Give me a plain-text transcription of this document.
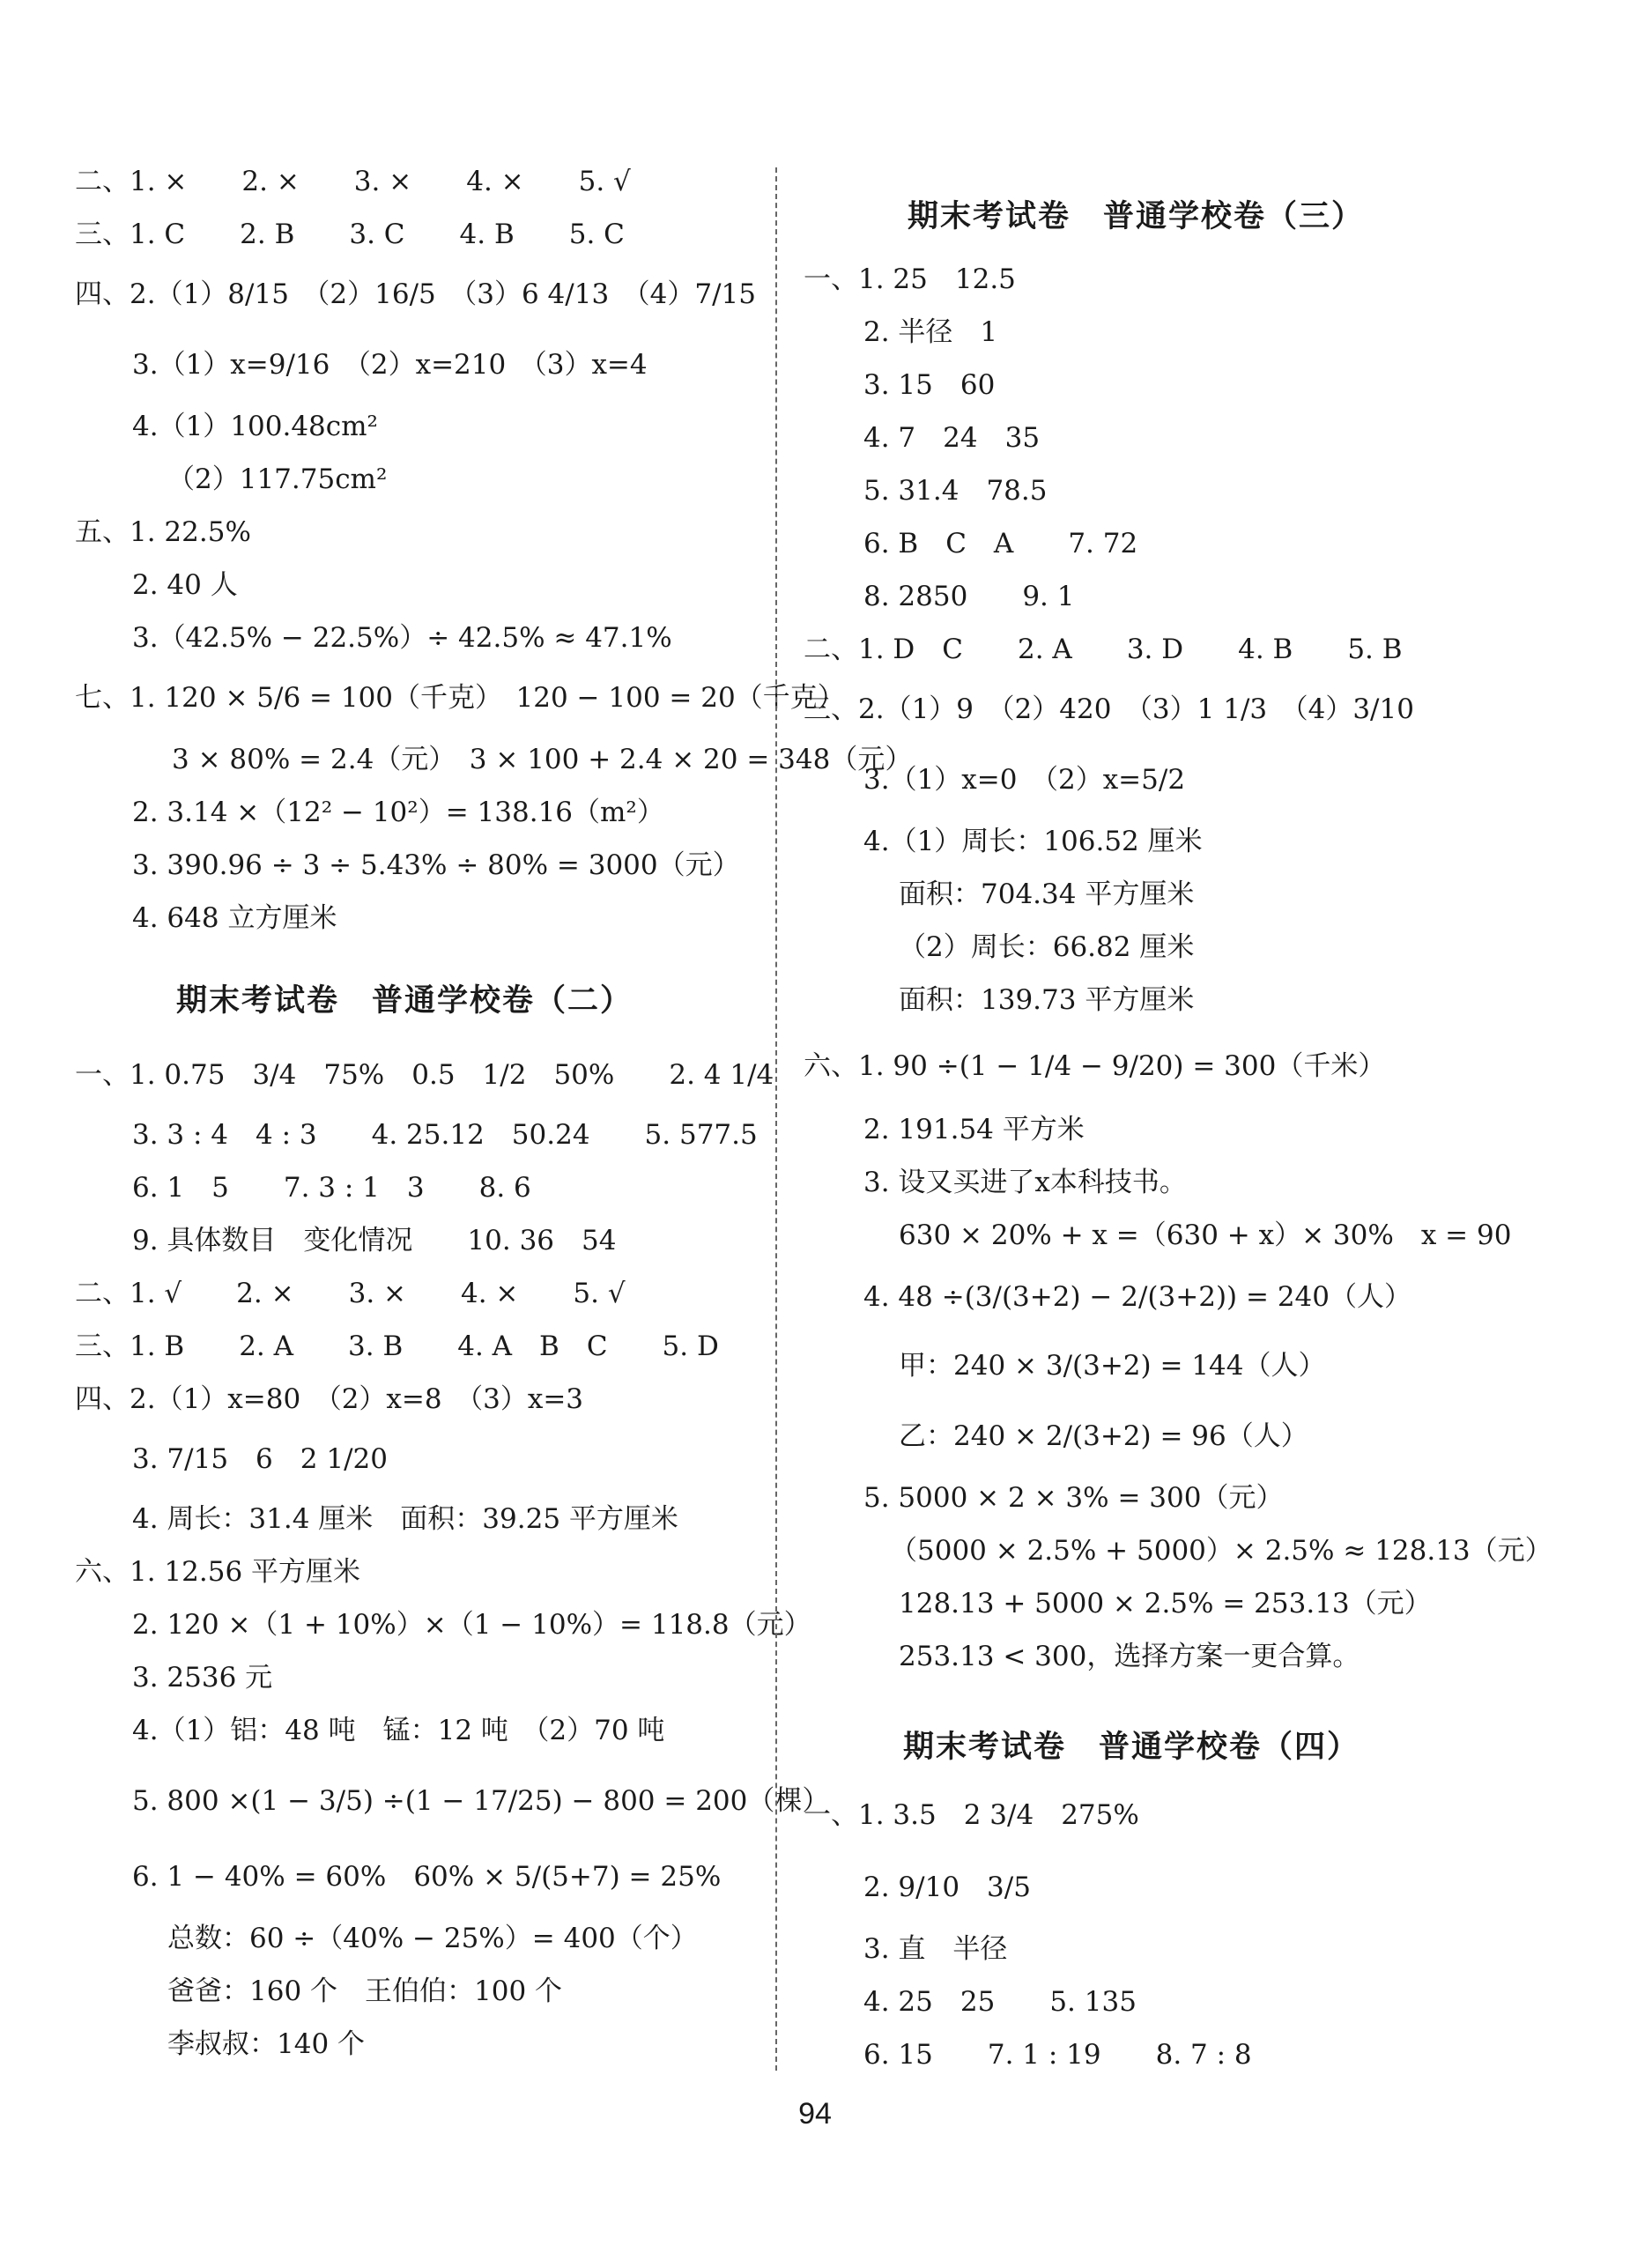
二、1. ×　　2. ×　　3. ×　　4. ×　　5. √
三、1. C　　2. B　　3. C　　4. B　　5. C
四、2.（1）8/15　（2）16/5　（3）6 4/13　（4）7/15
3.（1）x=9/16　（2）x=210　（3）x=4
4.（1）100.48cm²
（2）117.75cm²
五、1. 22.5%
2. 40 人
3.（42.5% − 22.5%）÷ 42.5% ≈ 47.1%
七、1. 120 × 5/6 = 100（千克）　120 − 100 = 20（千克）
3 × 80% = 2.4（元）　3 × 100 + 2.4 × 20 = 348（元）
2. 3.14 ×（12² − 10²）= 138.16（m²）
3. 390.96 ÷ 3 ÷ 5.43% ÷ 80% = 3000（元）
4. 648 立方厘米
期末考试卷　普通学校卷（二）
一、1. 0.75　3/4　75%　0.5　1/2　50%　　2. 4 1/4
3. 3 : 4　4 : 3　　4. 25.12　50.24　　5. 577.5
6. 1　5　　7. 3 : 1　3　　8. 6
9. 具体数目　变化情况　　10. 36　54
二、1. √　　2. ×　　3. ×　　4. ×　　5. √
三、1. B　　2. A　　3. B　　4. A　B　C　　5. D
四、2.（1）x=80　（2）x=8　（3）x=3
3. 7/15　6　2 1/20
4. 周长：31.4 厘米　面积：39.25 平方厘米
六、1. 12.56 平方厘米
2. 120 ×（1 + 10%）×（1 − 10%）= 118.8（元）
3. 2536 元
4.（1）铝：48 吨　锰：12 吨　（2）70 吨
5. 800 ×(1 − 3/5) ÷(1 − 17/25) − 800 = 200（棵）
6. 1 − 40% = 60%　60% × 5/(5+7) = 25%
总数：60 ÷（40% − 25%）= 400（个）
爸爸：160 个　王伯伯：100 个
李叔叔：140 个
期末考试卷　普通学校卷（三）
一、1. 25　12.5
2. 半径　1
3. 15　60
4. 7　24　35
5. 31.4　78.5
6. B　C　A　　7. 72
8. 2850　　9. 1
二、1. D　C　　2. A　　3. D　　4. B　　5. B
三、2.（1）9　（2）420　（3）1 1/3　（4）3/10
3.（1）x=0　（2）x=5/2
4.（1）周长：106.52 厘米
面积：704.34 平方厘米
（2）周长：66.82 厘米
面积：139.73 平方厘米
六、1. 90 ÷(1 − 1/4 − 9/20) = 300（千米）
2. 191.54 平方米
3. 设又买进了x本科技书。
630 × 20% + x =（630 + x）× 30%　x = 90
4. 48 ÷(3/(3+2) − 2/(3+2)) = 240（人）
甲：240 × 3/(3+2) = 144（人）
乙：240 × 2/(3+2) = 96（人）
5. 5000 × 2 × 3% = 300（元）
（5000 × 2.5% + 5000）× 2.5% ≈ 128.13（元）
128.13 + 5000 × 2.5% = 253.13（元）
253.13 < 300，选择方案一更合算。
期末考试卷　普通学校卷（四）
一、1. 3.5　2 3/4　275%
2. 9/10　3/5
3. 直　半径
4. 25　25　　5. 135
6. 15　　7. 1 : 19　　8. 7 : 8
94
